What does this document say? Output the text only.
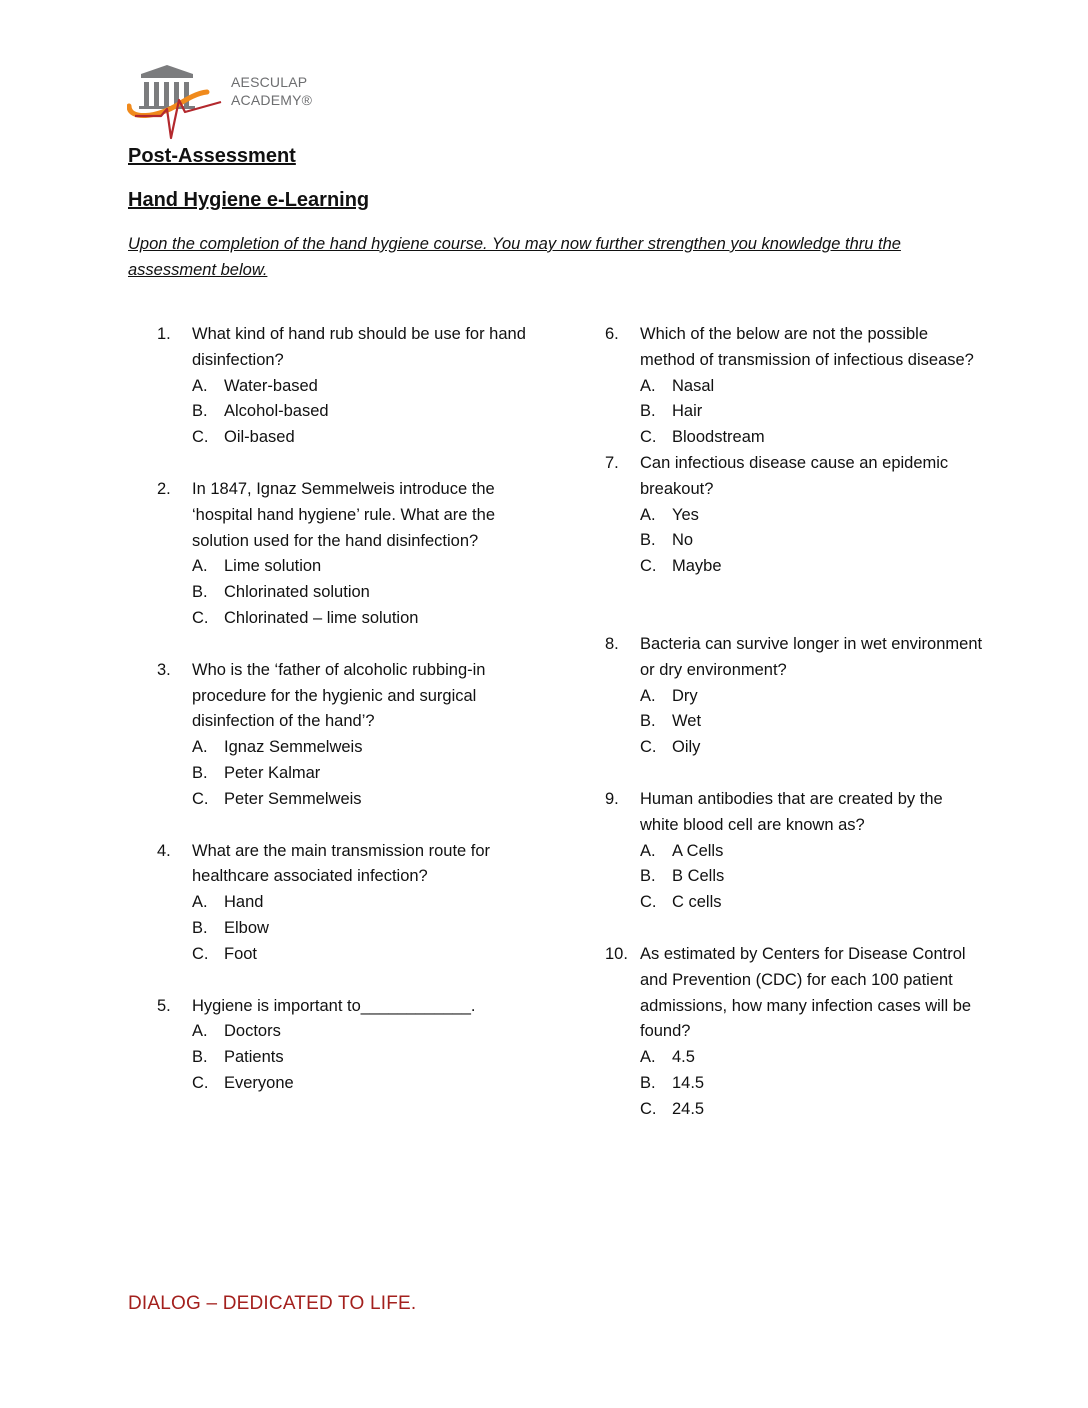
AESCULAP
ACADEMY®
Post-Assessment
Hand Hygiene e-Learning
Upon the completion of the hand hygiene course. You may now further strengthen you knowledge thru the assessment below.
1. What kind of hand rub should be use for hand disinfection?
A. Water-based
B. Alcohol-based
C. Oil-based
2. In 1847, Ignaz Semmelweis introduce the ‘hospital hand hygiene’ rule. What are the solution used for the hand disinfection?
A. Lime solution
B. Chlorinated solution
C. Chlorinated – lime solution
3. Who is the ‘father of alcoholic rubbing-in procedure for the hygienic and surgical disinfection of the hand’?
A. Ignaz Semmelweis
B. Peter Kalmar
C. Peter Semmelweis
4. What are the main transmission route for healthcare associated infection?
A. Hand
B. Elbow
C. Foot
5. Hygiene is important to____________.
A. Doctors
B. Patients
C. Everyone
6. Which of the below are not the possible method of transmission of infectious disease?
A. Nasal
B. Hair
C. Bloodstream
7. Can infectious disease cause an epidemic breakout?
A. Yes
B. No
C. Maybe
8. Bacteria can survive longer in wet environment or dry environment?
A. Dry
B. Wet
C. Oily
9. Human antibodies that are created by the white blood cell are known as?
A. A Cells
B. B Cells
C. C cells
10. As estimated by Centers for Disease Control and Prevention (CDC) for each 100 patient admissions, how many infection cases will be found?
A. 4.5
B. 14.5
C. 24.5
DIALOG – DEDICATED TO LIFE.
